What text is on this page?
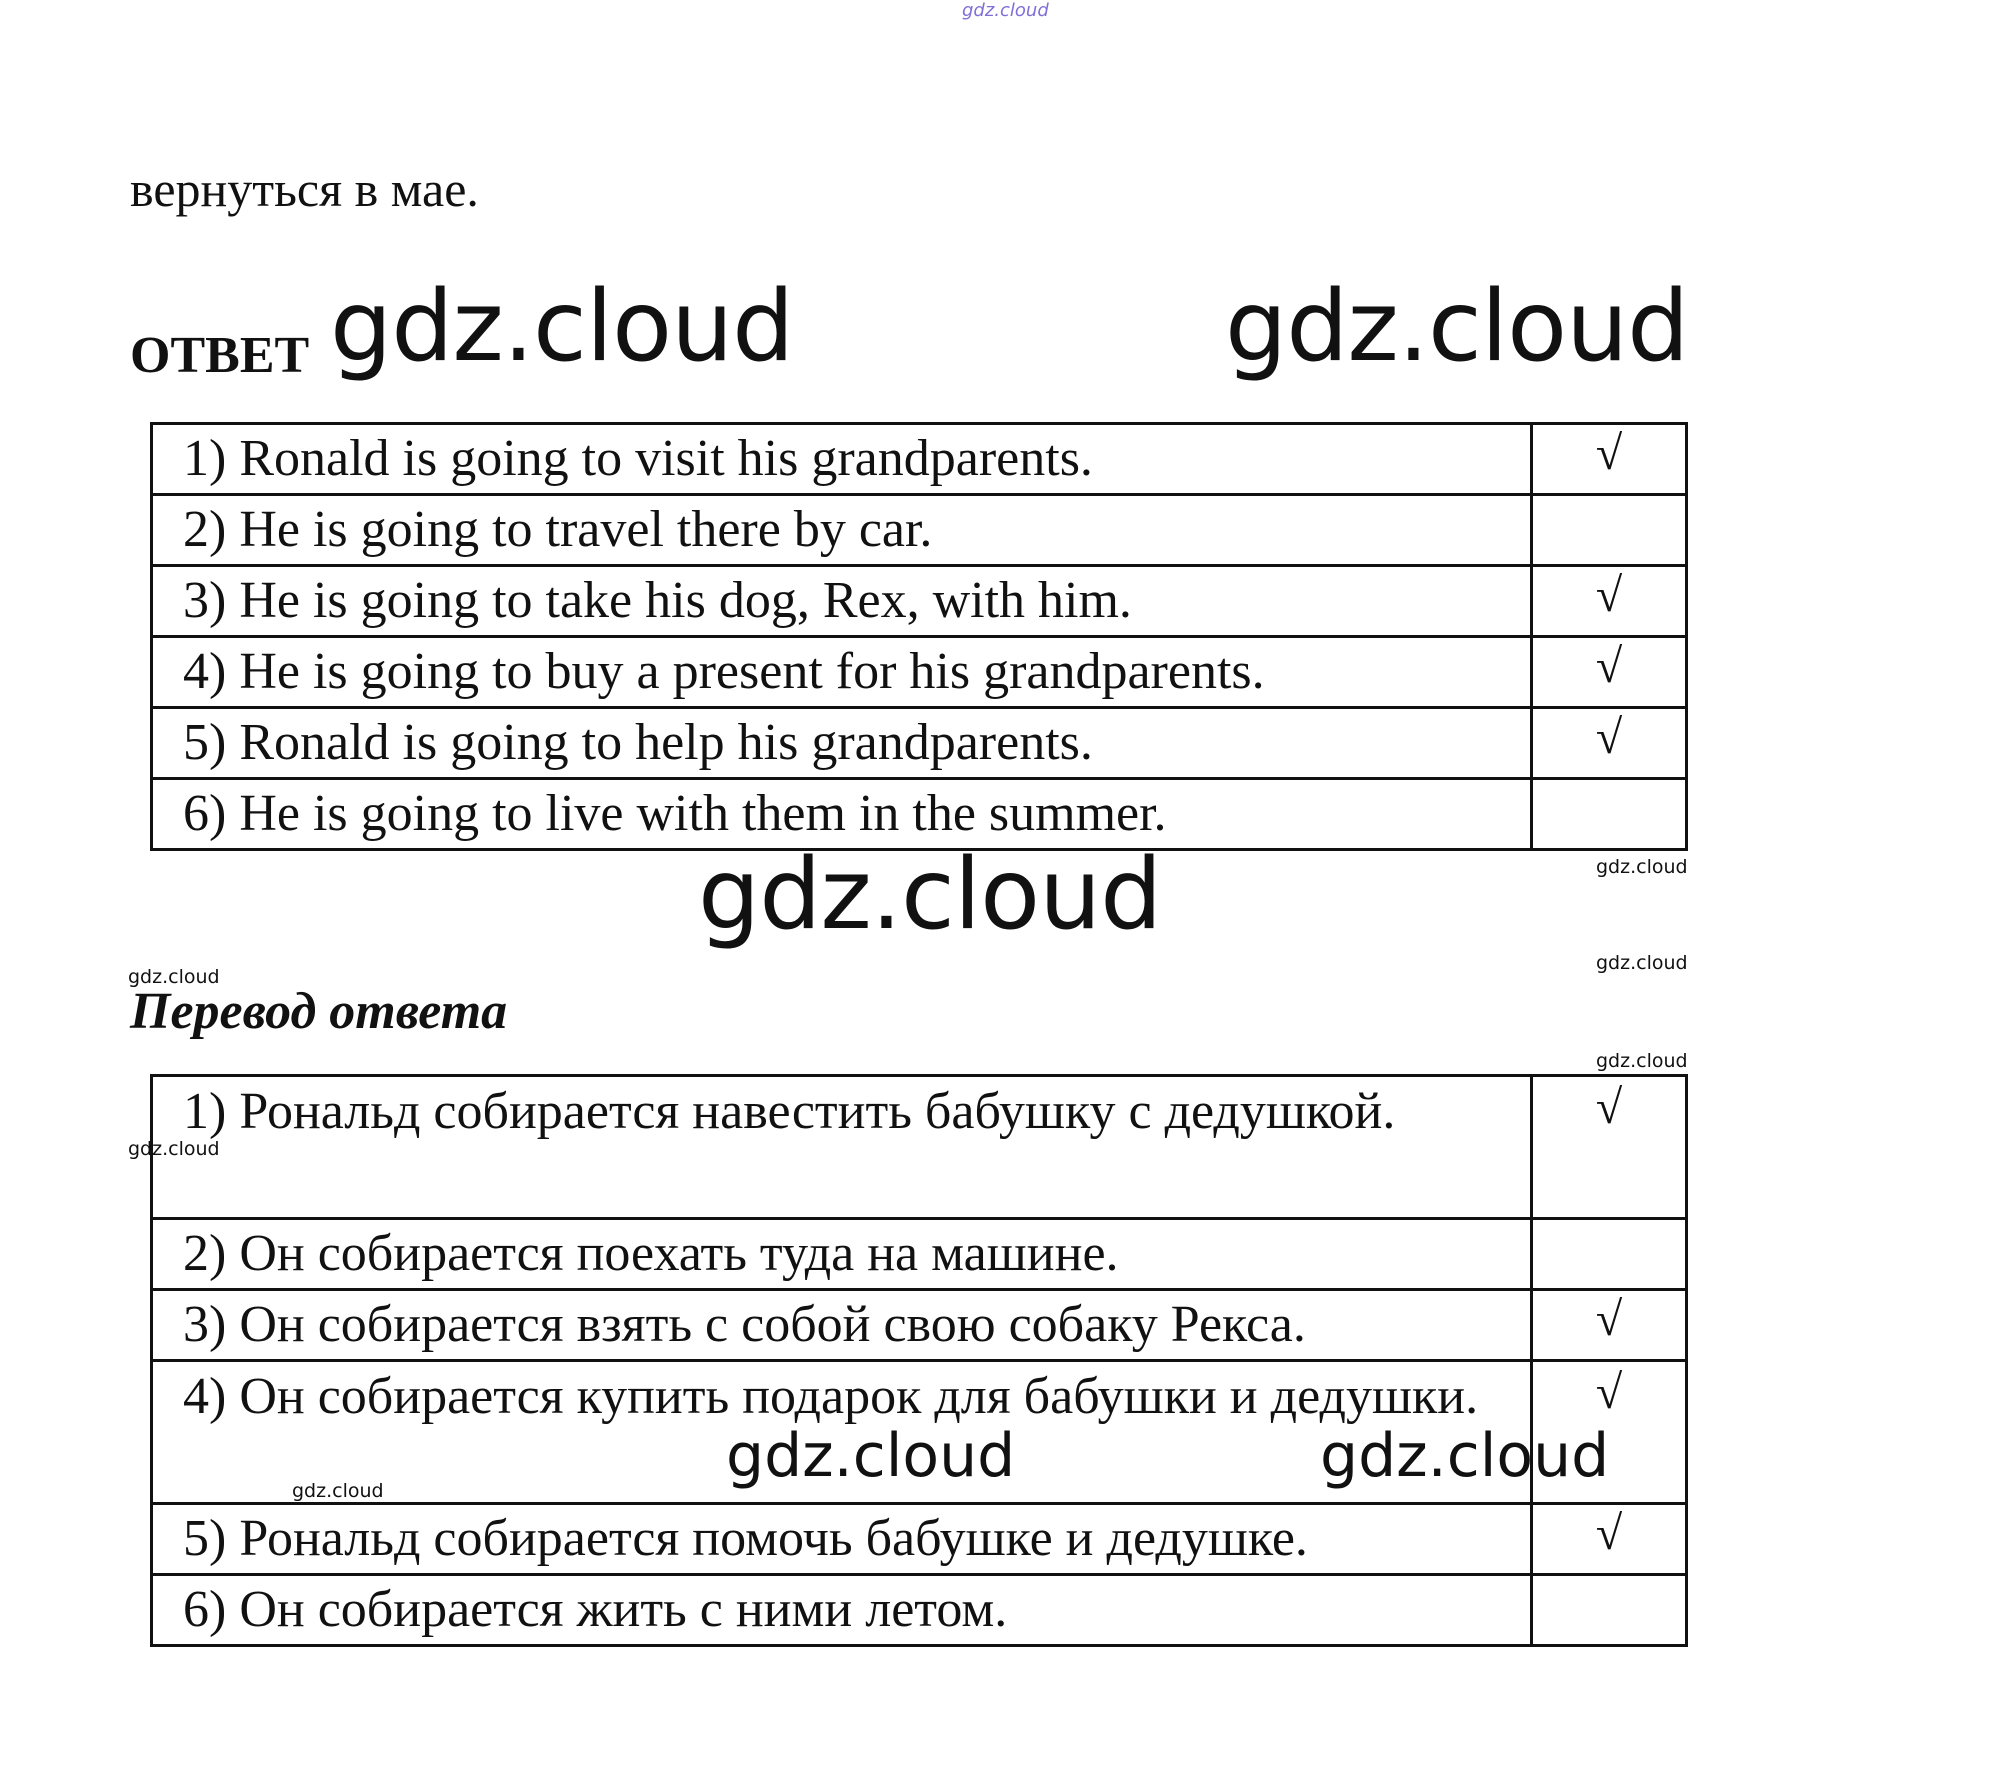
gdz.cloud
gdz.cloud	gdz.cloud
gdz.cloud	gdz.cloud
gdz.cloud
gdz.cloud
gdz.cloud
вернуться в мае.
ОТВЕТ
1) Ronald is going to visit his grandparents.	√
2) He is going to travel there by car.	
3) He is going to take his dog, Rex, with him.	√
4) He is going to buy a present for his grandparents.	√
5) Ronald is going to help his grandparents.	√
6) He is going to live with them in the summer.	
Перевод ответа
1) Рональд собирается навестить бабушку с дедушкой.	√
2) Он собирается поехать туда на машине.	
3) Он собирается взять с собой свою собаку Рекса.	√
4) Он собирается купить подарок для бабушки и дедушки.	√
5) Рональд собирается помочь бабушке и дедушке.	√
6) Он собирается жить с ними летом.	
gdz.cloud	gdz.cloud
gdz.cloud
gdz.cloud
